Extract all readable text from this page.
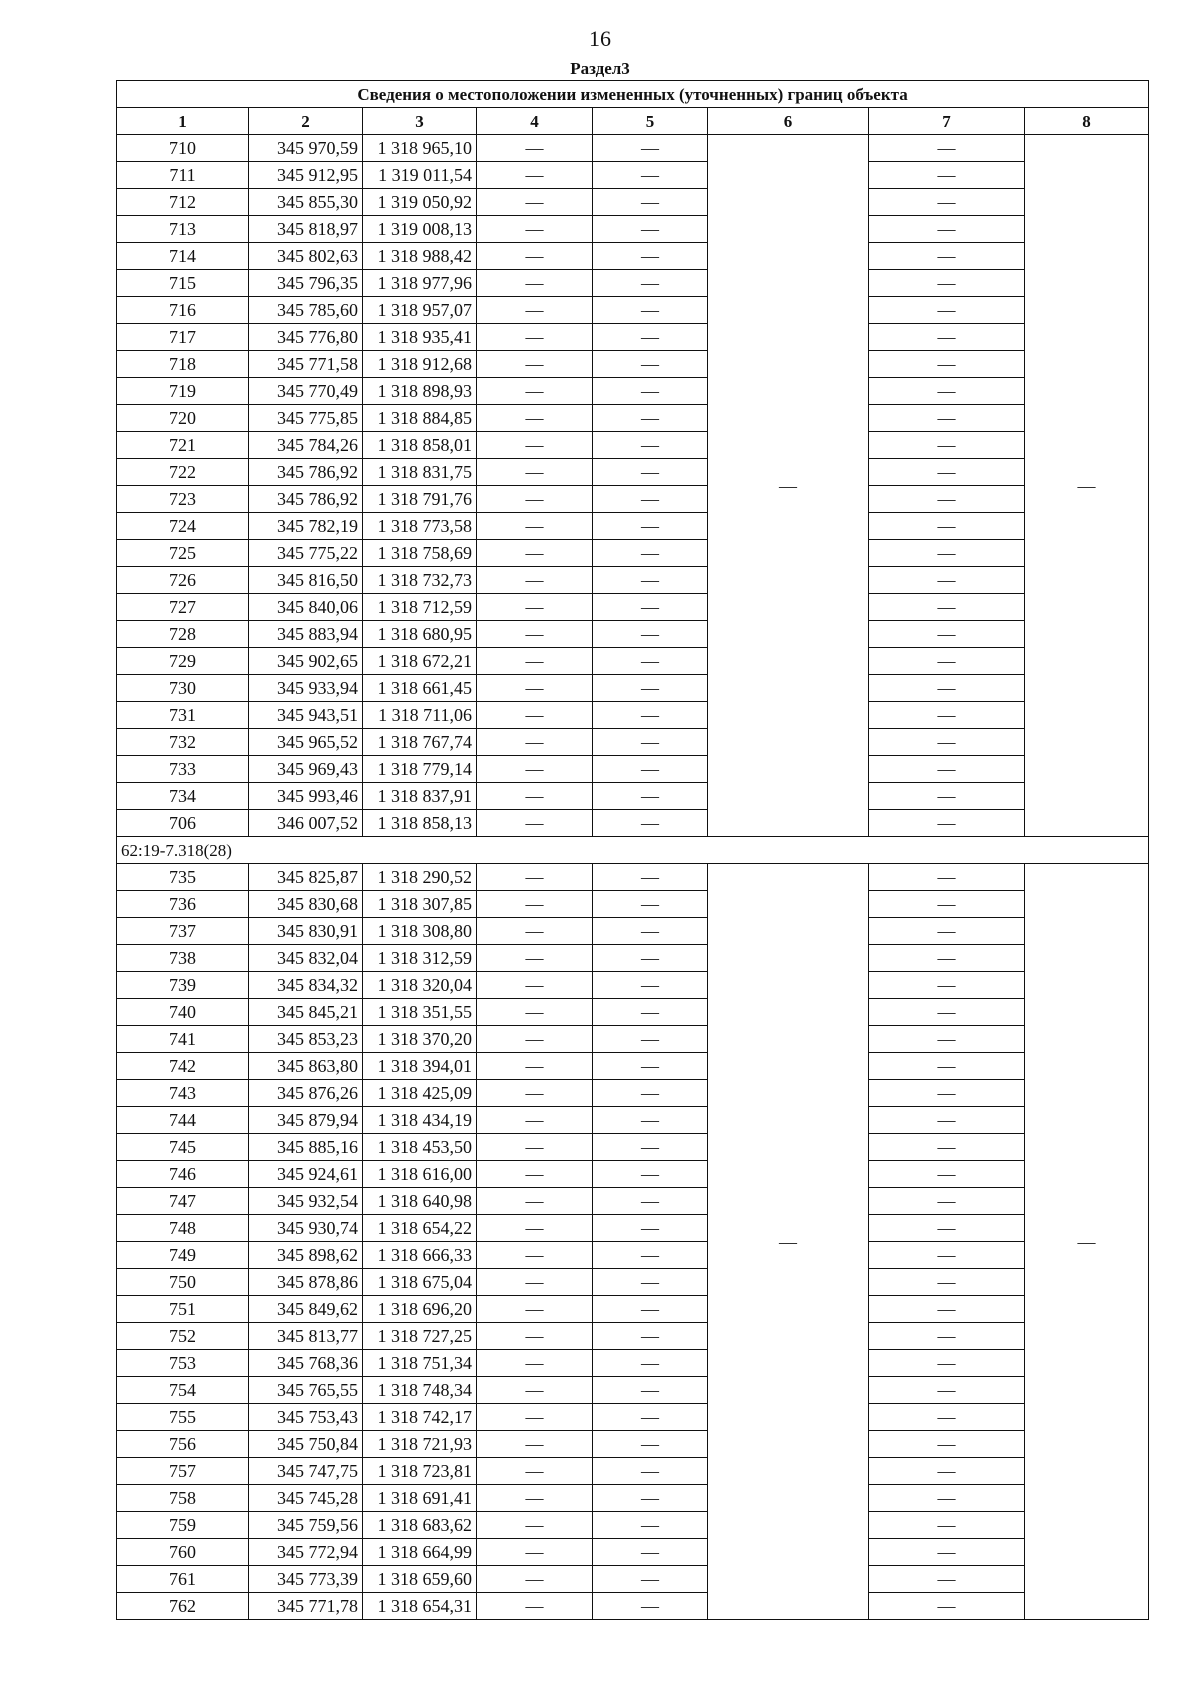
16
Раздел3
Сведения о местоположении измененных (уточненных) границ объекта							
1	2	3	4	5	6	7	8
710	345 970,59	1 318 965,10	—	—	—	—	—
711	345 912,95	1 319 011,54	—	—		—	
712	345 855,30	1 319 050,92	—	—		—	
713	345 818,97	1 319 008,13	—	—		—	
714	345 802,63	1 318 988,42	—	—		—	
715	345 796,35	1 318 977,96	—	—		—	
716	345 785,60	1 318 957,07	—	—		—	
717	345 776,80	1 318 935,41	—	—		—	
718	345 771,58	1 318 912,68	—	—		—	
719	345 770,49	1 318 898,93	—	—		—	
720	345 775,85	1 318 884,85	—	—		—	
721	345 784,26	1 318 858,01	—	—		—	
722	345 786,92	1 318 831,75	—	—		—	
723	345 786,92	1 318 791,76	—	—		—	
724	345 782,19	1 318 773,58	—	—		—	
725	345 775,22	1 318 758,69	—	—		—	
726	345 816,50	1 318 732,73	—	—		—	
727	345 840,06	1 318 712,59	—	—		—	
728	345 883,94	1 318 680,95	—	—		—	
729	345 902,65	1 318 672,21	—	—		—	
730	345 933,94	1 318 661,45	—	—		—	
731	345 943,51	1 318 711,06	—	—		—	
732	345 965,52	1 318 767,74	—	—		—	
733	345 969,43	1 318 779,14	—	—		—	
734	345 993,46	1 318 837,91	—	—		—	
706	346 007,52	1 318 858,13	—	—		—	
62:19-7.318(28)							
735	345 825,87	1 318 290,52	—	—	—	—	—
736	345 830,68	1 318 307,85	—	—		—	
737	345 830,91	1 318 308,80	—	—		—	
738	345 832,04	1 318 312,59	—	—		—	
739	345 834,32	1 318 320,04	—	—		—	
740	345 845,21	1 318 351,55	—	—		—	
741	345 853,23	1 318 370,20	—	—		—	
742	345 863,80	1 318 394,01	—	—		—	
743	345 876,26	1 318 425,09	—	—		—	
744	345 879,94	1 318 434,19	—	—		—	
745	345 885,16	1 318 453,50	—	—		—	
746	345 924,61	1 318 616,00	—	—		—	
747	345 932,54	1 318 640,98	—	—		—	
748	345 930,74	1 318 654,22	—	—		—	
749	345 898,62	1 318 666,33	—	—		—	
750	345 878,86	1 318 675,04	—	—		—	
751	345 849,62	1 318 696,20	—	—		—	
752	345 813,77	1 318 727,25	—	—		—	
753	345 768,36	1 318 751,34	—	—		—	
754	345 765,55	1 318 748,34	—	—		—	
755	345 753,43	1 318 742,17	—	—		—	
756	345 750,84	1 318 721,93	—	—		—	
757	345 747,75	1 318 723,81	—	—		—	
758	345 745,28	1 318 691,41	—	—		—	
759	345 759,56	1 318 683,62	—	—		—	
760	345 772,94	1 318 664,99	—	—		—	
761	345 773,39	1 318 659,60	—	—		—	
762	345 771,78	1 318 654,31	—	—		—	
